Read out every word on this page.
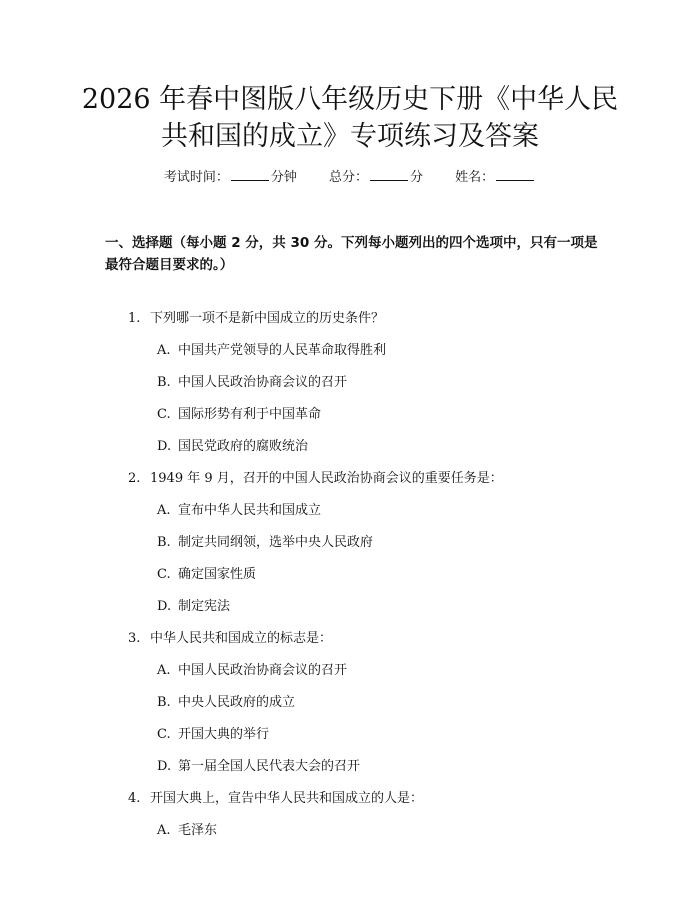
2026 年春中图版八年级历史下册《中华人民
共和国的成立》专项练习及答案
考试时间：	分钟 总分：	分 姓名：
一、选择题（每小题 2 分，共 30 分。下列每小题列出的四个选项中，只有一项是最符合题目要求的。）
1. 下列哪一项不是新中国成立的历史条件？
A. 中国共产党领导的人民革命取得胜利
B. 中国人民政治协商会议的召开
C. 国际形势有利于中国革命
D. 国民党政府的腐败统治
2. 1949 年 9 月，召开的中国人民政治协商会议的重要任务是：
A. 宣布中华人民共和国成立
B. 制定共同纲领，选举中央人民政府
C. 确定国家性质
D. 制定宪法
3. 中华人民共和国成立的标志是：
A. 中国人民政治协商会议的召开
B. 中央人民政府的成立
C. 开国大典的举行
D. 第一届全国人民代表大会的召开
4. 开国大典上，宣告中华人民共和国成立的人是：
A. 毛泽东
